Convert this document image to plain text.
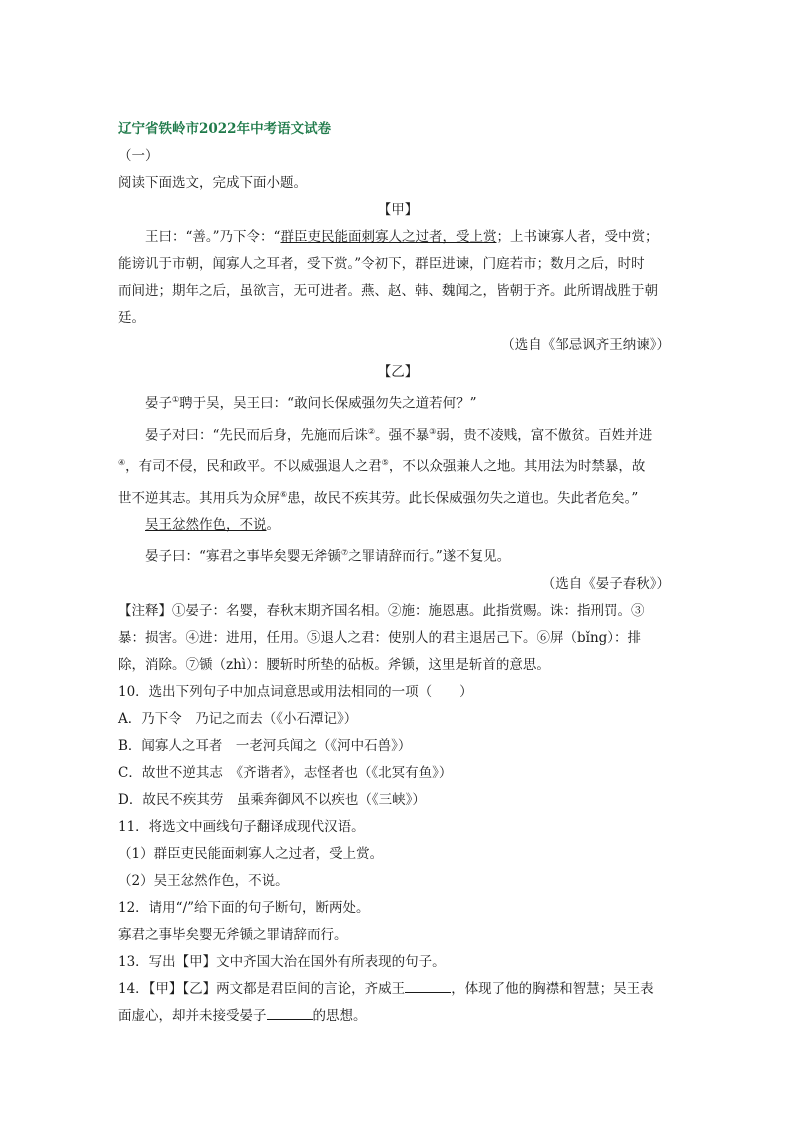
辽宁省铁岭市2022年中考语文试卷
（一）
阅读下面选文，完成下面小题。
【甲】
王曰：“善。”乃下令：“群臣吏民能面刺寡人之过者，受上赏；上书谏寡人者，受中赏；
能谤讥于市朝，闻寡人之耳者，受下赏。”令初下，群臣进谏，门庭若市；数月之后，时时
而间进；期年之后，虽欲言，无可进者。燕、赵、韩、魏闻之，皆朝于齐。此所谓战胜于朝
廷。
（选自《邹忌讽齐王纳谏》）
【乙】
晏子①聘于吴，吴王曰：“敢问长保威强勿失之道若何？”
晏子对曰：“先民而后身，先施而后诛②。强不暴③弱，贵不凌贱，富不傲贫。百姓并进
④，有司不侵，民和政平。不以威强退人之君⑤，不以众强兼人之地。其用法为时禁暴，故
世不逆其志。其用兵为众屏⑥患，故民不疾其劳。此长保威强勿失之道也。失此者危矣。”
吴王忿然作色，不说。
晏子曰：“寡君之事毕矣婴无斧锧⑦之罪请辞而行。”遂不复见。
（选自《晏子春秋》）
【注释】①晏子：名婴，春秋末期齐国名相。②施：施恩惠。此指赏赐。诛：指刑罚。③
暴：损害。④进：进用，任用。⑤退人之君：使别人的君主退居己下。⑥屏（bǐng）：排
除，消除。⑦锧（zhì）：腰斩时所垫的砧板。斧锧，这里是斩首的意思。
10．选出下列句子中加点词意思或用法相同的一项（　　）
A．乃下令　乃记之而去（《小石潭记》）
B．闻寡人之耳者　一老河兵闻之（《河中石兽》）
C．故世不逆其志　《齐谐者》，志怪者也（《北冥有鱼》）
D．故民不疾其劳　虽乘奔御风不以疾也（《三峡》）
11．将选文中画线句子翻译成现代汉语。
（1）群臣吏民能面刺寡人之过者，受上赏。
（2）吴王忿然作色，不说。
12．请用“/”给下面的句子断句，断两处。
寡君之事毕矣婴无斧锧之罪请辞而行。
13．写出【甲】文中齐国大治在国外有所表现的句子。
14．【甲】【乙】两文都是君臣间的言论，齐威王	，体现了他的胸襟和智慧；吴王表
面虚心，却并未接受晏子	的思想。
